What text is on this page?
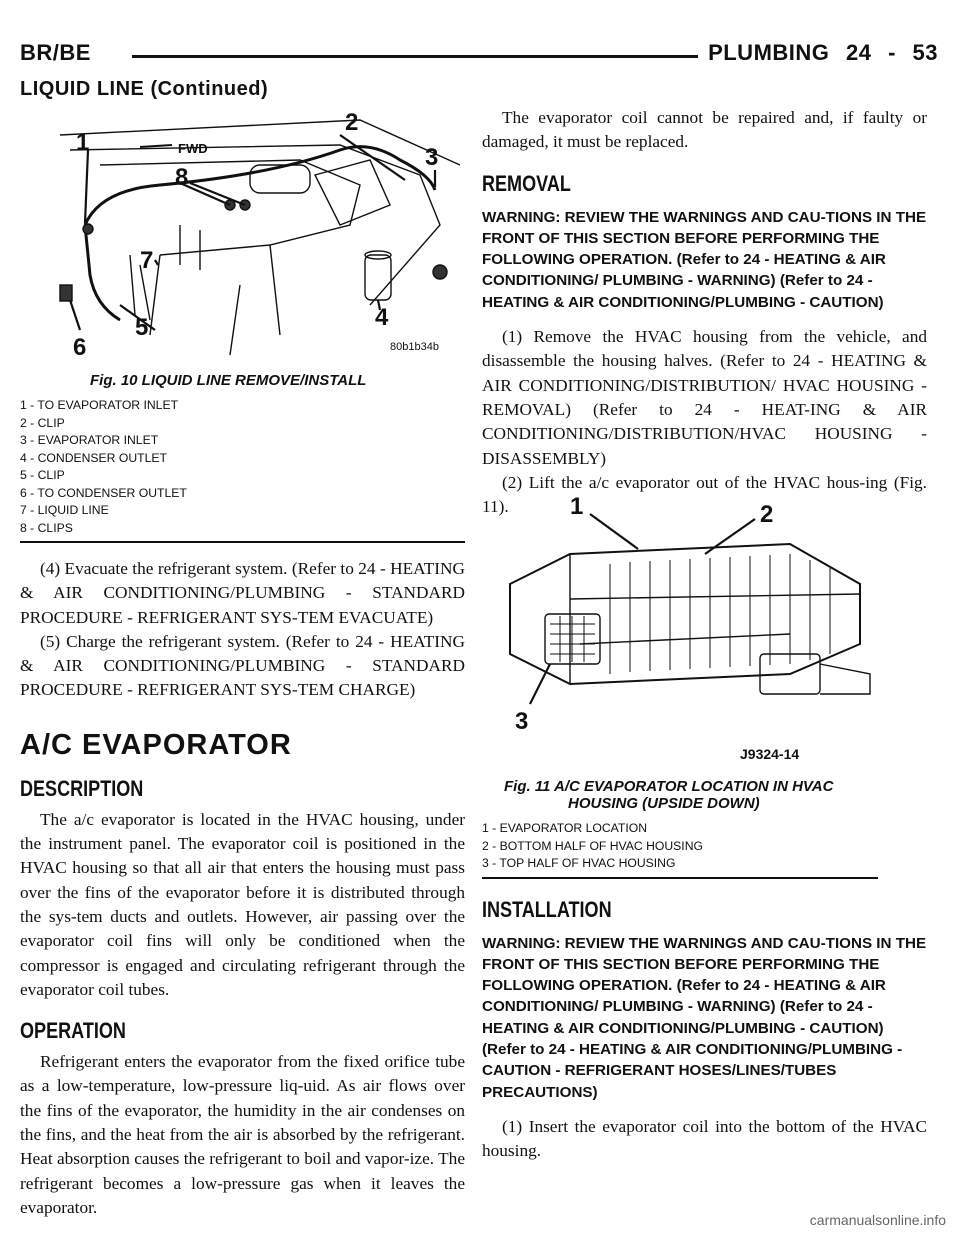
BR/BE	PLUMBING 24 - 53
LIQUID LINE (Continued)
1
2
3
4
5
6
7
8
FWD
80b1b34b

Fig. 10 LIQUID LINE REMOVE/INSTALL

1 - TO EVAPORATOR INLET

2 - CLIP

3 - EVAPORATOR INLET

4 - CONDENSER OUTLET

5 - CLIP

6 - TO CONDENSER OUTLET

7 - LIQUID LINE

8 - CLIPS

(4) Evacuate the refrigerant system. (Refer to 24 - HEATING & AIR CONDITIONING/PLUMBING - STANDARD PROCEDURE - REFRIGERANT SYS-TEM EVACUATE)

(5) Charge the refrigerant system. (Refer to 24 - HEATING & AIR CONDITIONING/PLUMBING - STANDARD PROCEDURE - REFRIGERANT SYS-TEM CHARGE)

A/C EVAPORATOR
DESCRIPTION

The a/c evaporator is located in the HVAC housing, under the instrument panel. The evaporator coil is positioned in the HVAC housing so that all air that enters the housing must pass over the fins of the evaporator before it is distributed through the sys-tem ducts and outlets. However, air passing over the evaporator coil fins will only be conditioned when the compressor is engaged and circulating refrigerant through the evaporator coil tubes.

OPERATION

Refrigerant enters the evaporator from the fixed orifice tube as a low-temperature, low-pressure liq-uid. As air flows over the fins of the evaporator, the humidity in the air condenses on the fins, and the heat from the air is absorbed by the refrigerant. Heat absorption causes the refrigerant to boil and vapor-ize. The refrigerant becomes a low-pressure gas when it leaves the evaporator.

The evaporator coil cannot be repaired and, if faulty or damaged, it must be replaced.

REMOVAL

WARNING: REVIEW THE WARNINGS AND CAU-TIONS IN THE FRONT OF THIS SECTION BEFORE PERFORMING THE FOLLOWING OPERATION. (Refer to 24 - HEATING & AIR CONDITIONING/ PLUMBING - WARNING) (Refer to 24 - HEATING & AIR CONDITIONING/PLUMBING - CAUTION)

(1) Remove the HVAC housing from the vehicle, and disassemble the housing halves. (Refer to 24 - HEATING & AIR CONDITIONING/DISTRIBUTION/ HVAC HOUSING - REMOVAL) (Refer to 24 - HEAT-ING & AIR CONDITIONING/DISTRIBUTION/HVAC HOUSING - DISASSEMBLY)

(2) Lift the a/c evaporator out of the HVAC hous-ing (Fig. 11).	1	2
3
J9324-14

Fig. 11 A/C EVAPORATOR LOCATION IN HVAC

HOUSING (UPSIDE DOWN)

1 - EVAPORATOR LOCATION

2 - BOTTOM HALF OF HVAC HOUSING

3 - TOP HALF OF HVAC HOUSING

INSTALLATION

WARNING: REVIEW THE WARNINGS AND CAU-TIONS IN THE FRONT OF THIS SECTION BEFORE PERFORMING THE FOLLOWING OPERATION. (Refer to 24 - HEATING & AIR CONDITIONING/ PLUMBING - WARNING) (Refer to 24 - HEATING & AIR CONDITIONING/PLUMBING - CAUTION)(Refer to 24 - HEATING & AIR CONDITIONING/PLUMBING - CAUTION - REFRIGERANT HOSES/LINES/TUBES PRECAUTIONS)

(1) Insert the evaporator coil into the bottom of the HVAC housing.

carmanualsonline.info
